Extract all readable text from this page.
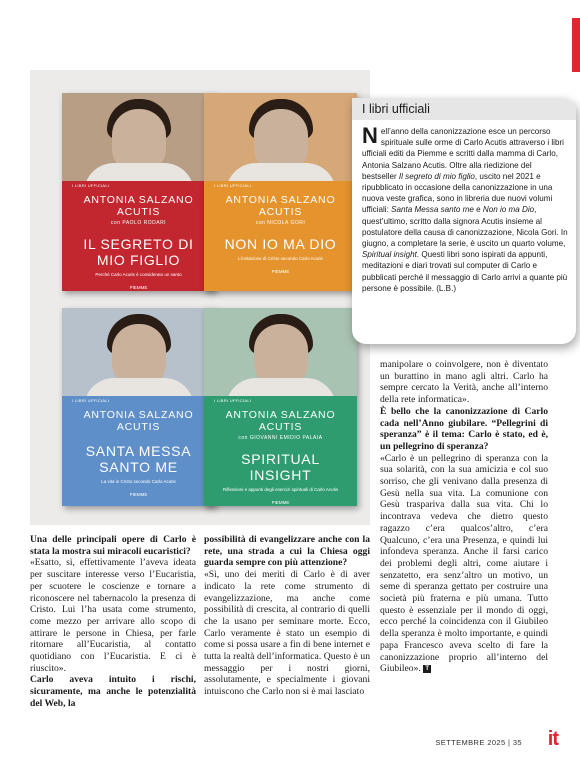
I LIBRI UFFICIALI
ANTONIA SALZANO ACUTIS
con PAOLO RODARI
IL SEGRETO DI MIO FIGLIO
Perché Carlo Acutis è considerato un santo
PIEMME
I LIBRI UFFICIALI
ANTONIA SALZANO ACUTIS
con NICOLA GORI
NON IO MA DIO
L’imitazione di Cristo secondo Carlo Acutis
PIEMME
I LIBRI UFFICIALI
ANTONIA SALZANO ACUTIS
SANTA MESSA SANTO ME
La vita in Cristo secondo Carlo Acutis
PIEMME
I LIBRI UFFICIALI
ANTONIA SALZANO ACUTIS
con GIOVANNI EMIDIO PALAIA
SPIRITUAL INSIGHT
Riflessioni e appunti degli esercizi spirituali di Carlo Acutis
PIEMME
I libri ufficiali
Nell’anno della canonizzazione esce un percorso spirituale sulle orme di Carlo Acutis attraverso i libri ufficiali editi da Piemme e scritti dalla mamma di Carlo, Antonia Salzano Acutis. Oltre alla riedizione del bestseller Il segreto di mio figlio, uscito nel 2021 e ripubblicato in occasione della canonizzazione in una nuova veste grafica, sono in libreria due nuovi volumi ufficiali: Santa Messa santo me e Non io ma Dio, quest’ultimo, scritto dalla signora Acutis insieme al postulatore della causa di canonizzazione, Nicola Gori. In giugno, a completare la serie, è uscito un quarto volume, Spiritual insight. Questi libri sono ispirati da appunti, meditazioni e diari trovati sul computer di Carlo e pubblicati perché il messaggio di Carlo arrivi a quante più persone è possibile. (L.B.)

Una delle principali opere di Carlo è stata la mostra sui miracoli eucaristici?

«Esatto, sì, effettivamente l’aveva ideata per suscitare interesse verso l’Eucaristia, per scuotere le coscienze e tornare a riconoscere nel tabernacolo la presenza di Cristo. Lui l’ha usata come strumento, come mezzo per arrivare allo scopo di attirare le persone in Chiesa, per farle ritornare all’Eucaristia, al contatto quotidiano con l’Eucaristia. E ci è riuscito».

Carlo aveva intuito i rischi, sicuramente, ma anche le potenzialità del Web, la

possibilità di evangelizzare anche con la rete, una strada a cui la Chiesa oggi guarda sempre con più attenzione?

«Sì, uno dei meriti di Carlo è di aver indicato la rete come strumento di evangelizzazione, ma anche come possibilità di crescita, al contrario di quelli che la usano per seminare morte. Ecco, Carlo veramente è stato un esempio di come si possa usare a fin di bene internet e tutta la realtà dell’informatica. Questo è un messaggio per i nostri giorni, assolutamente, e specialmente i giovani intuiscono che Carlo non si è mai lasciato

manipolare o coinvolgere, non è diventato un burattino in mano agli altri. Carlo ha sempre cercato la Verità, anche all’interno della rete informatica».

È bello che la canonizzazione di Carlo cada nell’Anno giubilare. “Pellegrini di speranza” è il tema: Carlo è stato, ed è, un pellegrino di speranza?

«Carlo è un pellegrino di speranza con la sua solarità, con la sua amicizia e col suo sorriso, che gli venivano dalla presenza di Gesù nella sua vita. La comunione con Gesù traspariva dalla sua vita. Chi lo incontrava vedeva che dietro questo ragazzo c’era qualcos’altro, c’era Qualcuno, c’era una Presenza, e quindi lui infondeva speranza. Anche il farsi carico dei problemi degli altri, come aiutare i senzatetto, era senz’altro un motivo, un seme di speranza gettato per costruire una società più fraterna e più umana. Tutto questo è essenziale per il mondo di oggi, ecco perché la coincidenza con il Giubileo della speranza è molto importante, e quindi papa Francesco aveva scelto di fare la canonizzazione proprio all’interno del Giubileo». T

SETTEMBRE 2025 | 35 it
